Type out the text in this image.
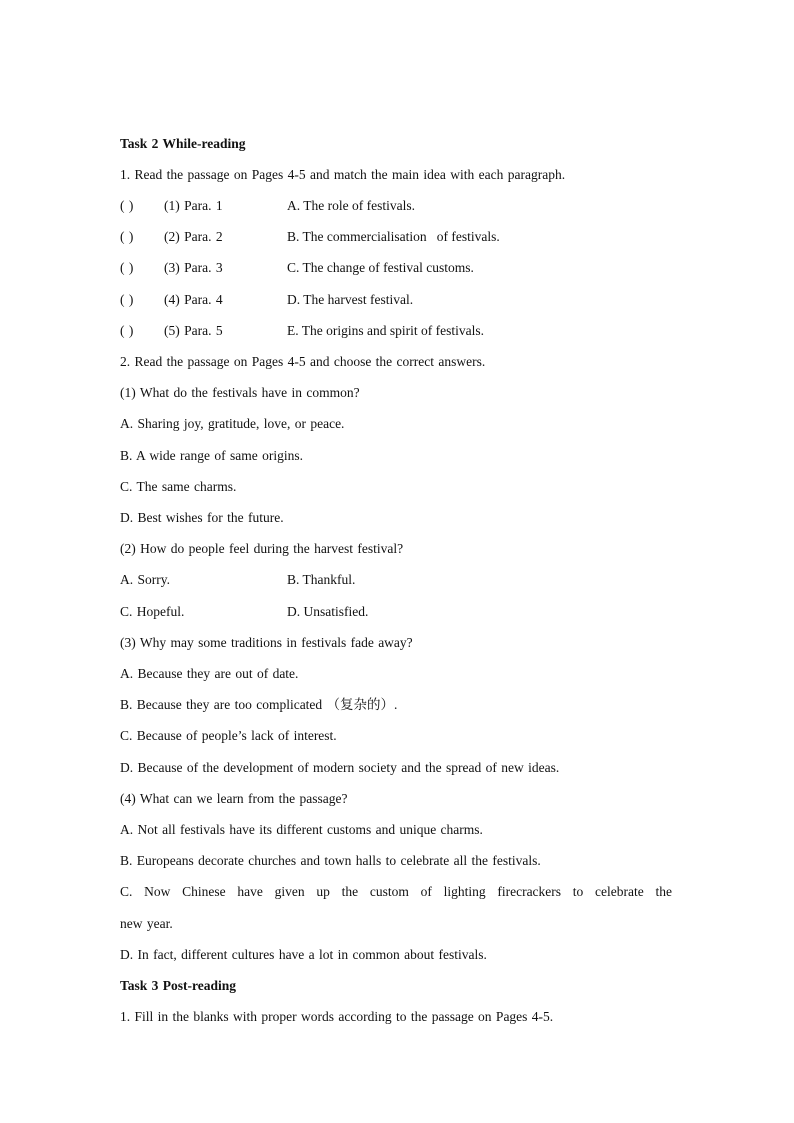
Task 2 While-reading
1. Read the passage on Pages 4-5 and match the main idea with each paragraph.
( ) (1) Para. 1	A. The role of festivals.
( ) (2) Para. 2	B. The commercialisation   of festivals.
( ) (3) Para. 3	C. The change of festival customs.
( ) (4) Para. 4	D. The harvest festival.
( ) (5) Para. 5	E. The origins and spirit of festivals.
2. Read the passage on Pages 4-5 and choose the correct answers.
(1) What do the festivals have in common?
A. Sharing joy, gratitude, love, or peace.
B. A wide range of same origins.
C. The same charms.
D. Best wishes for the future.
(2) How do people feel during the harvest festival?
A. Sorry.	B. Thankful.
C. Hopeful.	D. Unsatisfied.
(3) Why may some traditions in festivals fade away?
A. Because they are out of date.
B. Because they are too complicated （复杂的）.
C. Because of people’s lack of interest.
D. Because of the development of modern society and the spread of new ideas.
(4) What can we learn from the passage?
A. Not all festivals have its different customs and unique charms.
B. Europeans decorate churches and town halls to celebrate all the festivals.
C. Now Chinese have given up the custom of lighting firecrackers to celebrate the
new year.
D. In fact, different cultures have a lot in common about festivals.
Task 3 Post-reading
1. Fill in the blanks with proper words according to the passage on Pages 4-5.
